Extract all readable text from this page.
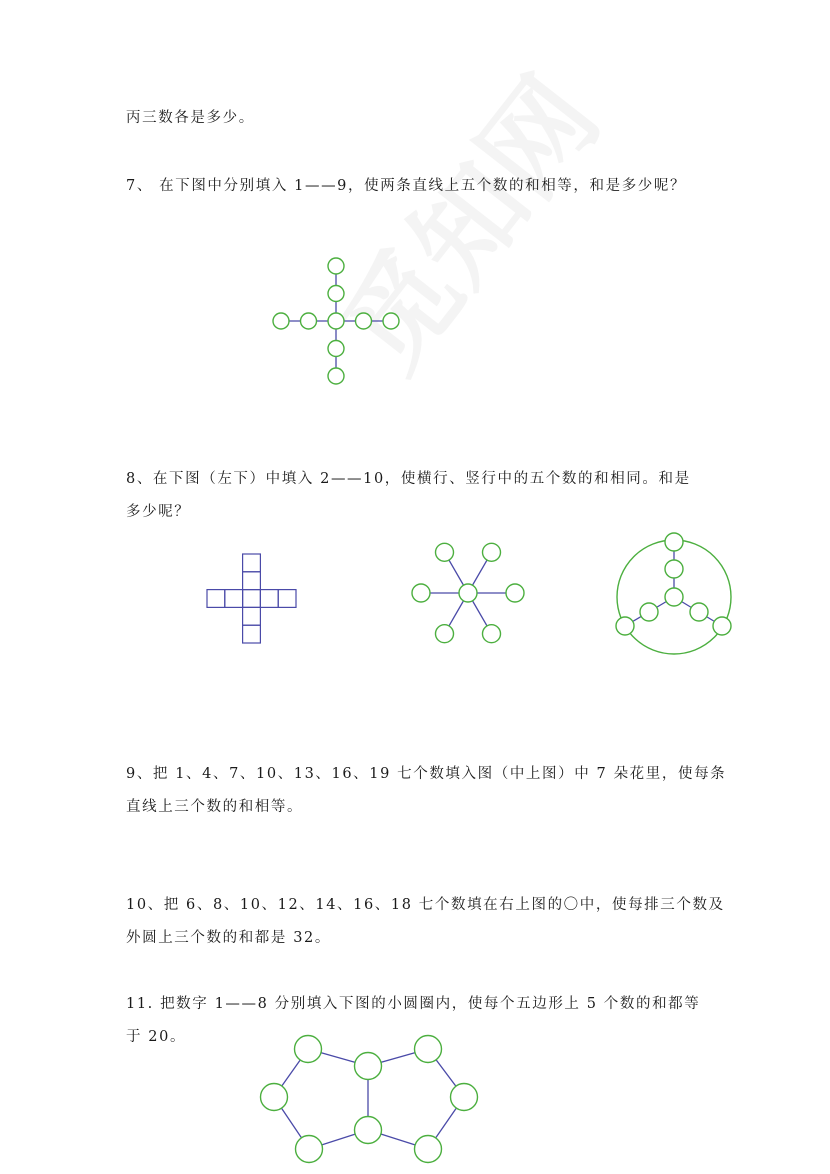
丙三数各是多少。
7、 在下图中分别填入 1——9，使两条直线上五个数的和相等，和是多少呢？
8、在下图（左下）中填入 2——10，使横行、竖行中的五个数的和相同。和是
多少呢？
9、把 1、4、7、10、13、16、19 七个数填入图（中上图）中 7 朵花里，使每条
直线上三个数的和相等。
10、把 6、8、10、12、14、16、18 七个数填在右上图的〇中，使每排三个数及
外圆上三个数的和都是 32。
11. 把数字 1——8 分别填入下图的小圆圈内，使每个五边形上 5 个数的和都等
于 20。
